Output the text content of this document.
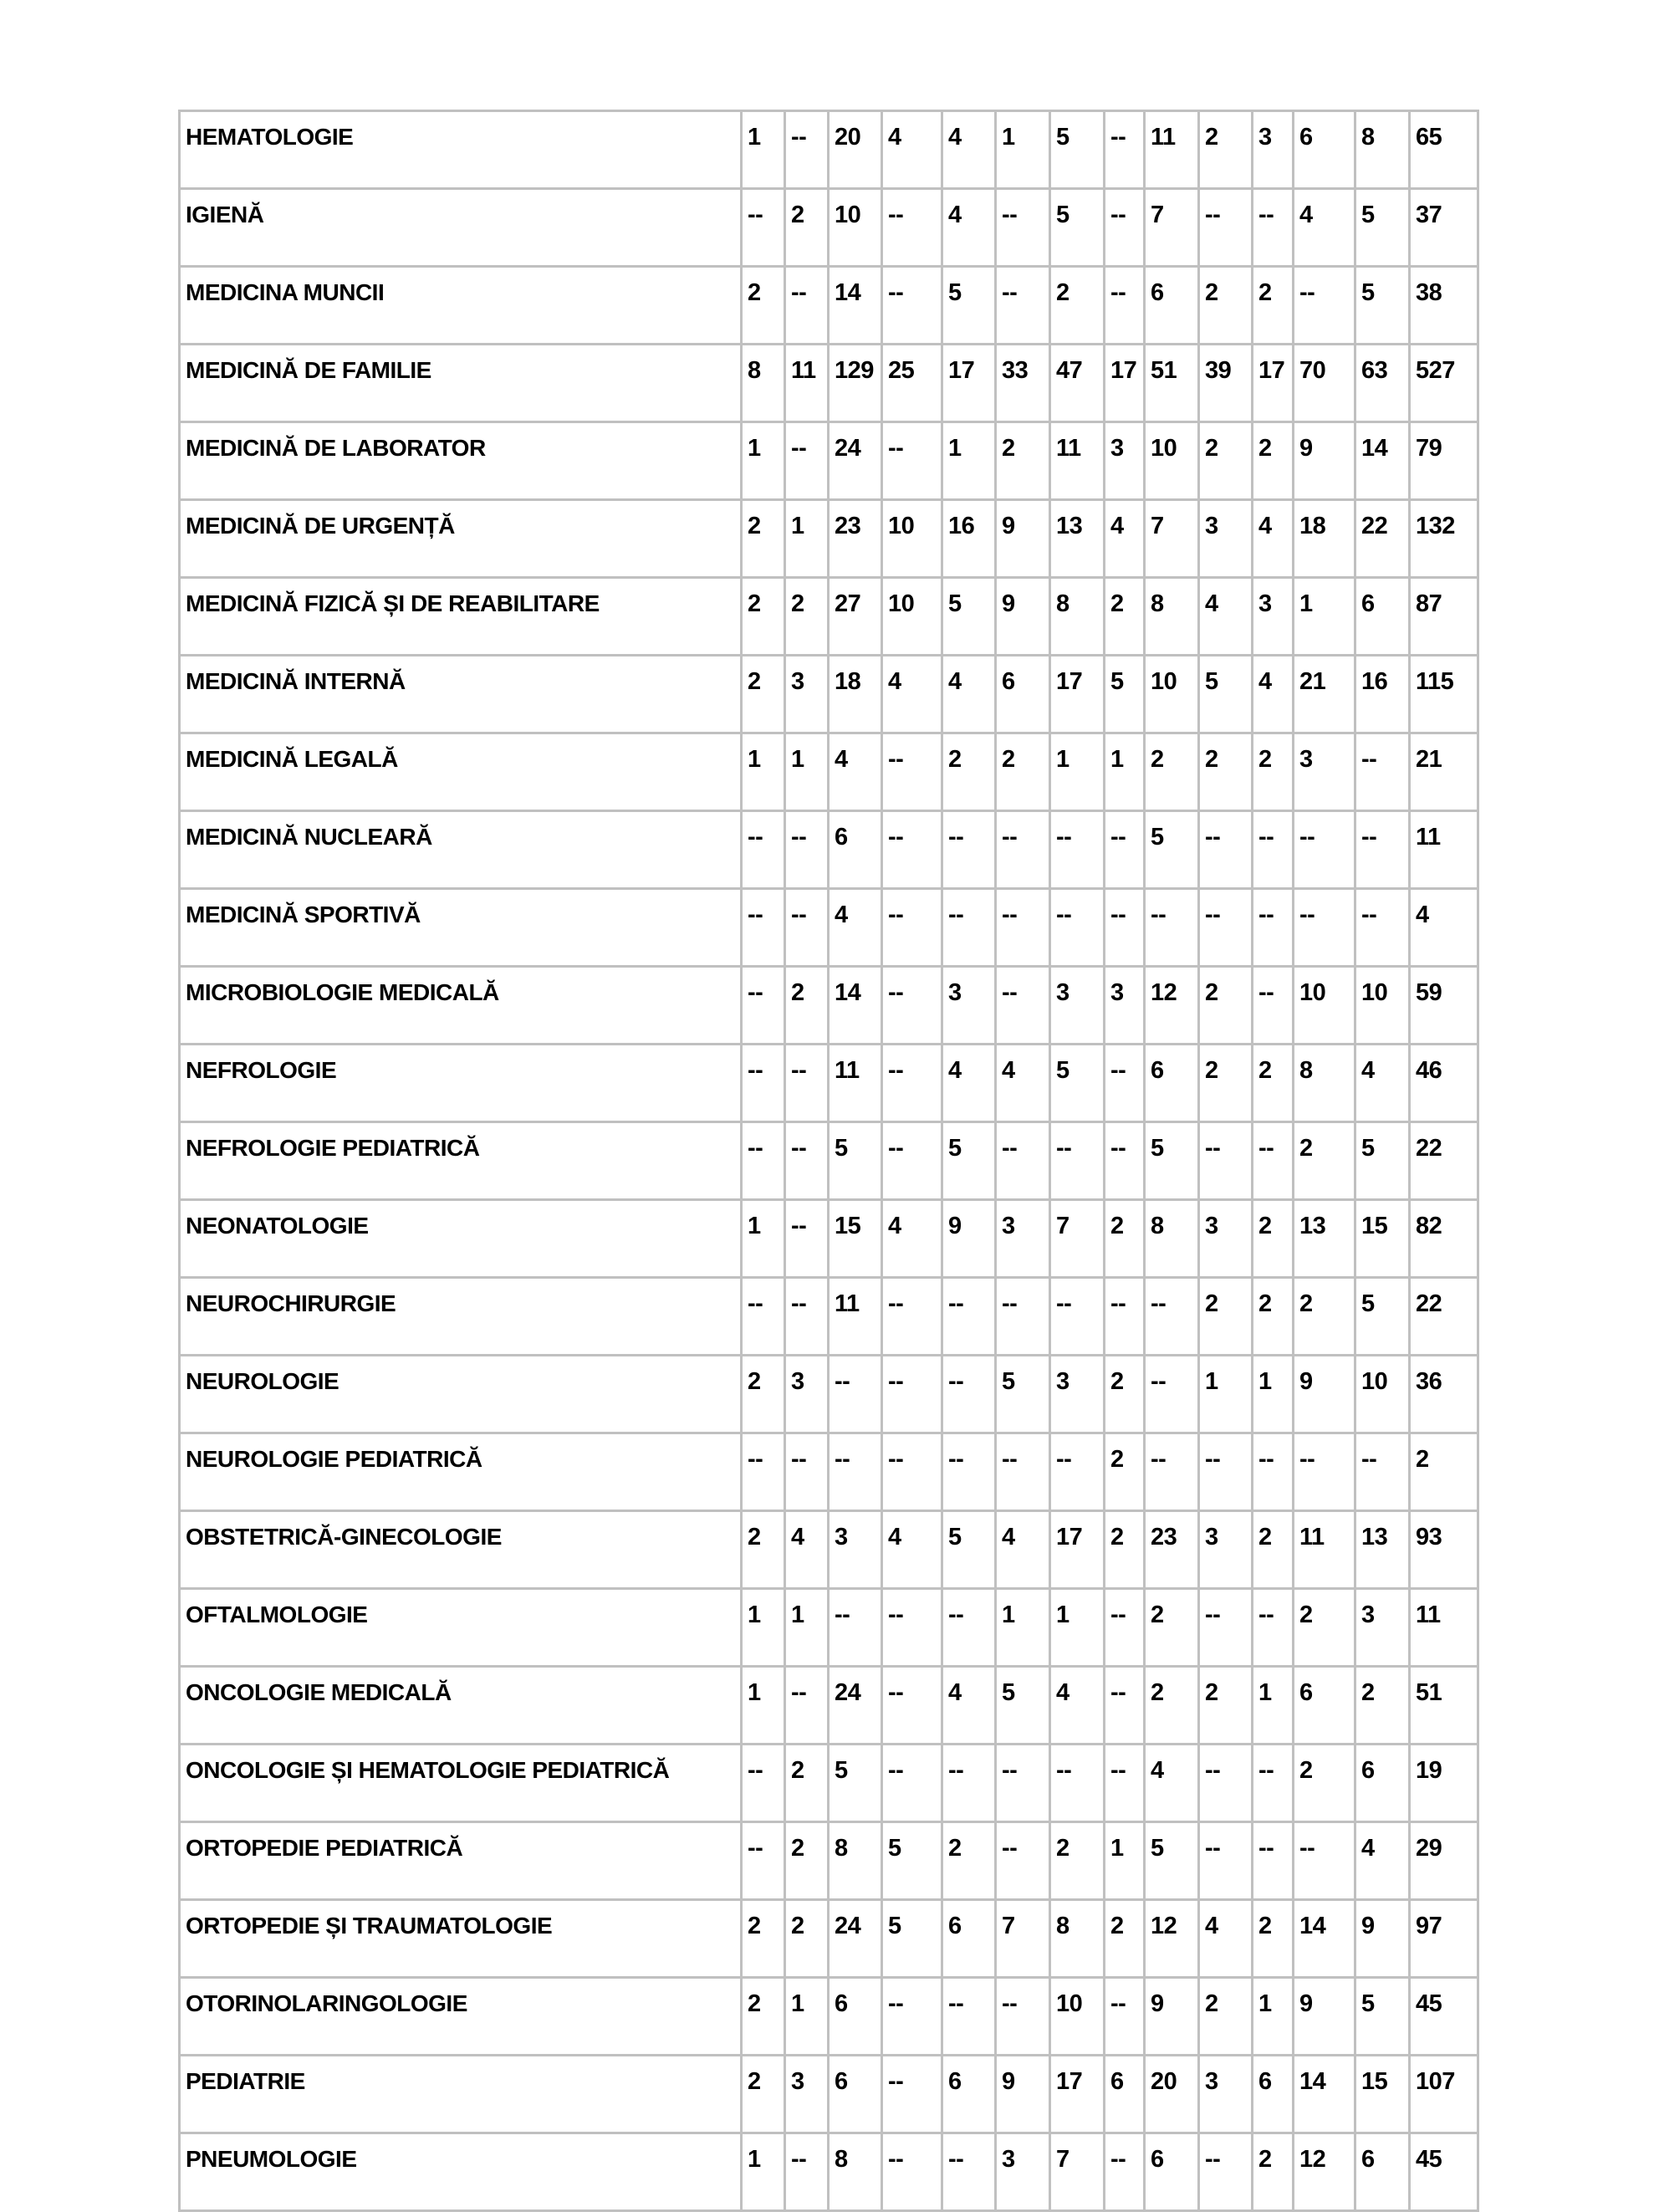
HEMATOLOGIE	1	--	20	4	4	1	5	--	11	2	3	6	8	65
IGIENĂ	--	2	10	--	4	--	5	--	7	--	--	4	5	37
MEDICINA MUNCII	2	--	14	--	5	--	2	--	6	2	2	--	5	38
MEDICINĂ DE FAMILIE	8	11	129	25	17	33	47	17	51	39	17	70	63	527
MEDICINĂ DE LABORATOR	1	--	24	--	1	2	11	3	10	2	2	9	14	79
MEDICINĂ DE URGENȚĂ	2	1	23	10	16	9	13	4	7	3	4	18	22	132
MEDICINĂ FIZICĂ ȘI DE REABILITARE	2	2	27	10	5	9	8	2	8	4	3	1	6	87
MEDICINĂ INTERNĂ	2	3	18	4	4	6	17	5	10	5	4	21	16	115
MEDICINĂ LEGALĂ	1	1	4	--	2	2	1	1	2	2	2	3	--	21
MEDICINĂ NUCLEARĂ	--	--	6	--	--	--	--	--	5	--	--	--	--	11
MEDICINĂ SPORTIVĂ	--	--	4	--	--	--	--	--	--	--	--	--	--	4
MICROBIOLOGIE MEDICALĂ	--	2	14	--	3	--	3	3	12	2	--	10	10	59
NEFROLOGIE	--	--	11	--	4	4	5	--	6	2	2	8	4	46
NEFROLOGIE PEDIATRICĂ	--	--	5	--	5	--	--	--	5	--	--	2	5	22
NEONATOLOGIE	1	--	15	4	9	3	7	2	8	3	2	13	15	82
NEUROCHIRURGIE	--	--	11	--	--	--	--	--	--	2	2	2	5	22
NEUROLOGIE	2	3	--	--	--	5	3	2	--	1	1	9	10	36
NEUROLOGIE PEDIATRICĂ	--	--	--	--	--	--	--	2	--	--	--	--	--	2
OBSTETRICĂ-GINECOLOGIE	2	4	3	4	5	4	17	2	23	3	2	11	13	93
OFTALMOLOGIE	1	1	--	--	--	1	1	--	2	--	--	2	3	11
ONCOLOGIE MEDICALĂ	1	--	24	--	4	5	4	--	2	2	1	6	2	51
ONCOLOGIE ȘI HEMATOLOGIE PEDIATRICĂ	--	2	5	--	--	--	--	--	4	--	--	2	6	19
ORTOPEDIE PEDIATRICĂ	--	2	8	5	2	--	2	1	5	--	--	--	4	29
ORTOPEDIE ȘI TRAUMATOLOGIE	2	2	24	5	6	7	8	2	12	4	2	14	9	97
OTORINOLARINGOLOGIE	2	1	6	--	--	--	10	--	9	2	1	9	5	45
PEDIATRIE	2	3	6	--	6	9	17	6	20	3	6	14	15	107
PNEUMOLOGIE	1	--	8	--	--	3	7	--	6	--	2	12	6	45
